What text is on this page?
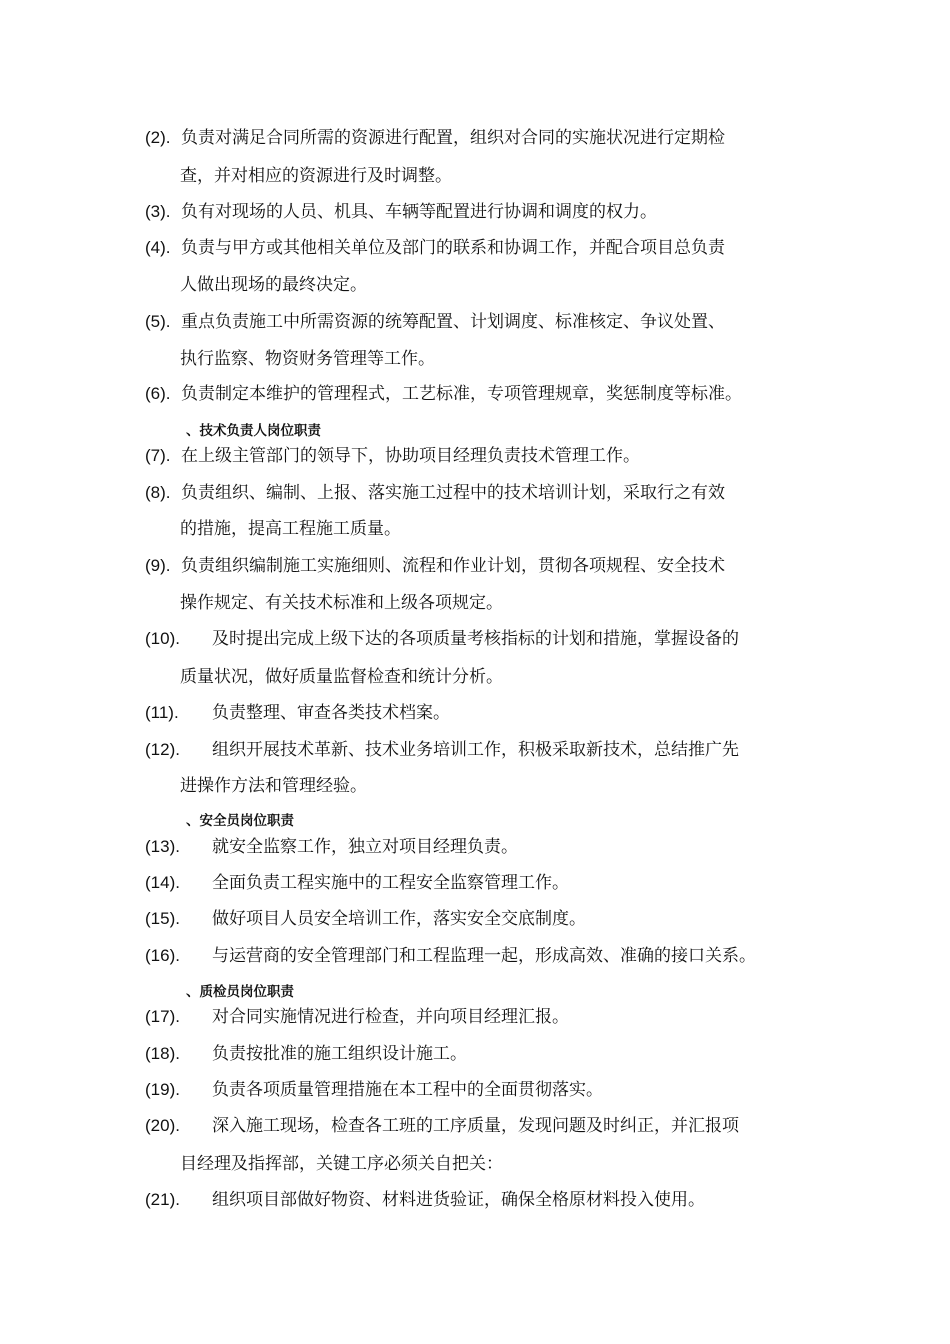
(2). 负责对满足合同所需的资源进行配置，组织对合同的实施状况进行定期检
查，并对相应的资源进行及时调整。
(3). 负有对现场的人员、机具、车辆等配置进行协调和调度的权力。
(4). 负责与甲方或其他相关单位及部门的联系和协调工作，并配合项目总负责
人做出现场的最终决定。
(5). 重点负责施工中所需资源的统筹配置、计划调度、标准核定、争议处置、
执行监察、物资财务管理等工作。
(6). 负责制定本维护的管理程式，工艺标准，专项管理规章，奖惩制度等标准。
、技术负责人岗位职责
(7). 在上级主管部门的领导下，协助项目经理负责技术管理工作。
(8). 负责组织、编制、上报、落实施工过程中的技术培训计划，采取行之有效
的措施，提高工程施工质量。
(9). 负责组织编制施工实施细则、流程和作业计划，贯彻各项规程、安全技术
操作规定、有关技术标准和上级各项规定。
(10). 及时提出完成上级下达的各项质量考核指标的计划和措施，掌握设备的
质量状况，做好质量监督检查和统计分析。
(11). 负责整理、审查各类技术档案。
(12). 组织开展技术革新、技术业务培训工作，积极采取新技术，总结推广先
进操作方法和管理经验。
、安全员岗位职责
(13). 就安全监察工作，独立对项目经理负责。
(14). 全面负责工程实施中的工程安全监察管理工作。
(15). 做好项目人员安全培训工作，落实安全交底制度。
(16). 与运营商的安全管理部门和工程监理一起，形成高效、准确的接口关系。
、质检员岗位职责
(17). 对合同实施情况进行检查，并向项目经理汇报。
(18). 负责按批准的施工组织设计施工。
(19). 负责各项质量管理措施在本工程中的全面贯彻落实。
(20). 深入施工现场，检查各工班的工序质量，发现问题及时纠正，并汇报项
目经理及指挥部，关键工序必须关自把关：
(21). 组织项目部做好物资、材料进货验证，确保全格原材料投入使用。
